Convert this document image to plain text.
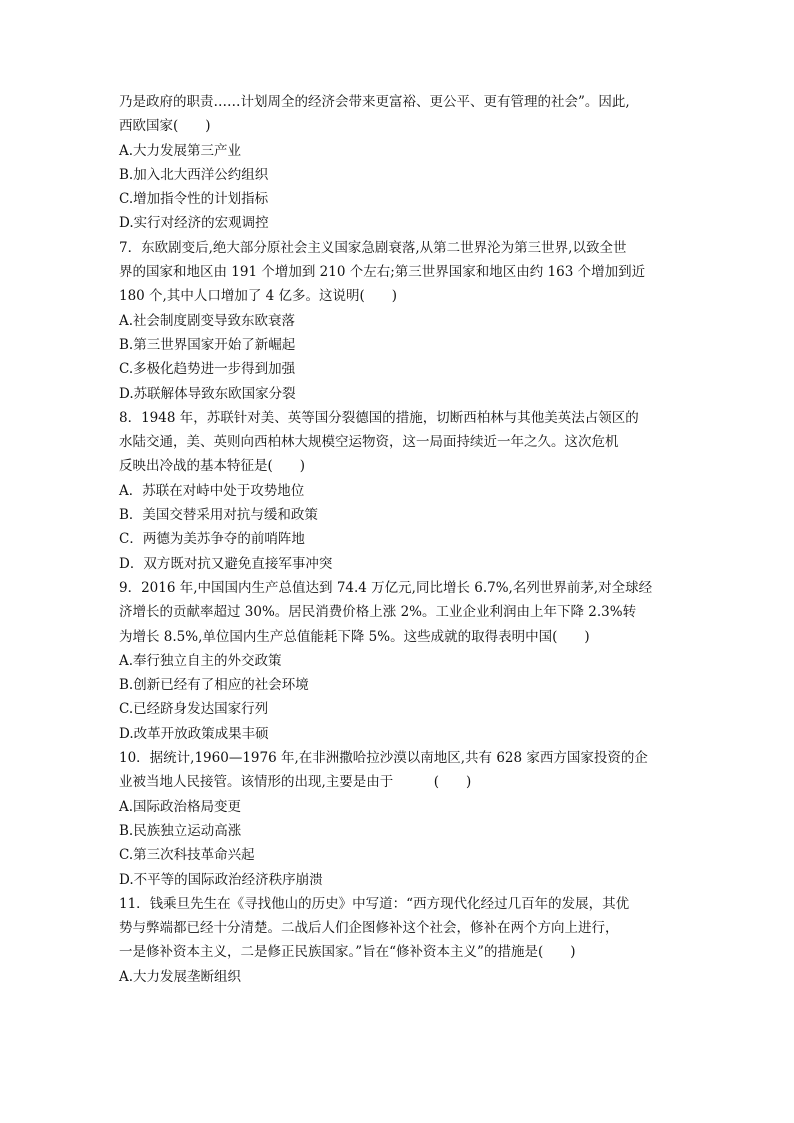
乃是政府的职责……计划周全的经济会带来更富裕、更公平、更有管理的社会”。因此,
西欧国家(　　)
A.大力发展第三产业
B.加入北大西洋公约组织
C.增加指令性的计划指标
D.实行对经济的宏观调控
7．东欧剧变后,绝大部分原社会主义国家急剧衰落,从第二世界沦为第三世界,以致全世
界的国家和地区由 191 个增加到 210 个左右;第三世界国家和地区由约 163 个增加到近
180 个,其中人口增加了 4 亿多。这说明(　　)
A.社会制度剧变导致东欧衰落
B.第三世界国家开始了新崛起
C.多极化趋势进一步得到加强
D.苏联解体导致东欧国家分裂
8．1948 年，苏联针对美、英等国分裂德国的措施，切断西柏林与其他美英法占领区的
水陆交通，美、英则向西柏林大规模空运物资，这一局面持续近一年之久。这次危机
反映出冷战的基本特征是(　　)
A．苏联在对峙中处于攻势地位
B．美国交替采用对抗与缓和政策
C．两德为美苏争夺的前哨阵地
D．双方既对抗又避免直接军事冲突
9．2016 年,中国国内生产总值达到 74.4 万亿元,同比增长 6.7%,名列世界前茅,对全球经
济增长的贡献率超过 30%。居民消费价格上涨 2%。工业企业利润由上年下降 2.3%转
为增长 8.5%,单位国内生产总值能耗下降 5%。这些成就的取得表明中国(　　)
A.奉行独立自主的外交政策
B.创新已经有了相应的社会环境
C.已经跻身发达国家行列
D.改革开放政策成果丰硕
10．据统计,1960—1976 年,在非洲撒哈拉沙漠以南地区,共有 628 家西方国家投资的企
业被当地人民接管。该情形的出现,主要是由于　　　(　　)
A.国际政治格局变更
B.民族独立运动高涨
C.第三次科技革命兴起
D.不平等的国际政治经济秩序崩溃
11．钱乘旦先生在《寻找他山的历史》中写道：“西方现代化经过几百年的发展，其优
势与弊端都已经十分清楚。二战后人们企图修补这个社会，修补在两个方向上进行，
一是修补资本主义，二是修正民族国家。”旨在“修补资本主义”的措施是(　　)
A.大力发展垄断组织
